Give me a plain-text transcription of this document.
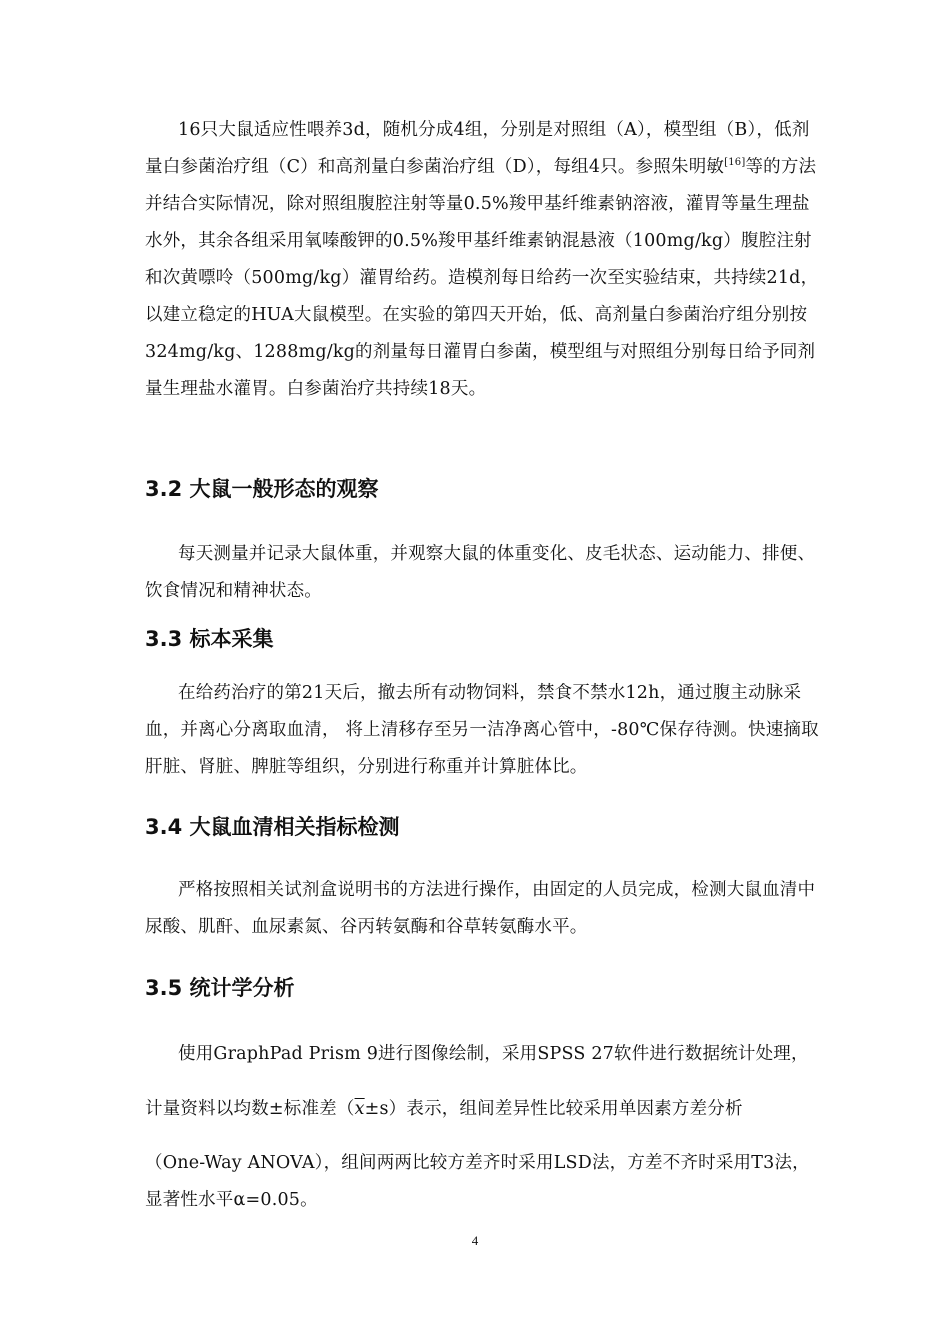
16只大鼠适应性喂养3d，随机分成4组，分别是对照组（A），模型组（B），低剂量白参菌治疗组（C）和高剂量白参菌治疗组（D），每组4只。参照朱明敏[16]等的方法并结合实际情况，除对照组腹腔注射等量0.5%羧甲基纤维素钠溶液，灌胃等量生理盐水外，其余各组采用氧嗪酸钾的0.5%羧甲基纤维素钠混悬液（100mg/kg）腹腔注射和次黄嘌呤（500mg/kg）灌胃给药。造模剂每日给药一次至实验结束，共持续21d，以建立稳定的HUA大鼠模型。在实验的第四天开始，低、高剂量白参菌治疗组分别按324mg/kg、1288mg/kg的剂量每日灌胃白参菌，模型组与对照组分别每日给予同剂量生理盐水灌胃。白参菌治疗共持续18天。

3.2 大鼠一般形态的观察

每天测量并记录大鼠体重，并观察大鼠的体重变化、皮毛状态、运动能力、排便、饮食情况和精神状态。

3.3 标本采集

在给药治疗的第21天后，撤去所有动物饲料，禁食不禁水12h，通过腹主动脉采血，并离心分离取血清， 将上清移存至另一洁净离心管中，-80℃保存待测。快速摘取肝脏、肾脏、脾脏等组织，分别进行称重并计算脏体比。

3.4 大鼠血清相关指标检测

严格按照相关试剂盒说明书的方法进行操作，由固定的人员完成，检测大鼠血清中尿酸、肌酐、血尿素氮、谷丙转氨酶和谷草转氨酶水平。

3.5 统计学分析

使用GraphPad Prism 9进行图像绘制，采用SPSS 27软件进行数据统计处理，

计量资料以均数±标准差$(\overline{x}\pm s)$表示，组间差异性比较采用单因素方差分析

（One-Way ANOVA），组间两两比较方差齐时采用LSD法，方差不齐时采用T3法，显著性水平α=0.05。

4
